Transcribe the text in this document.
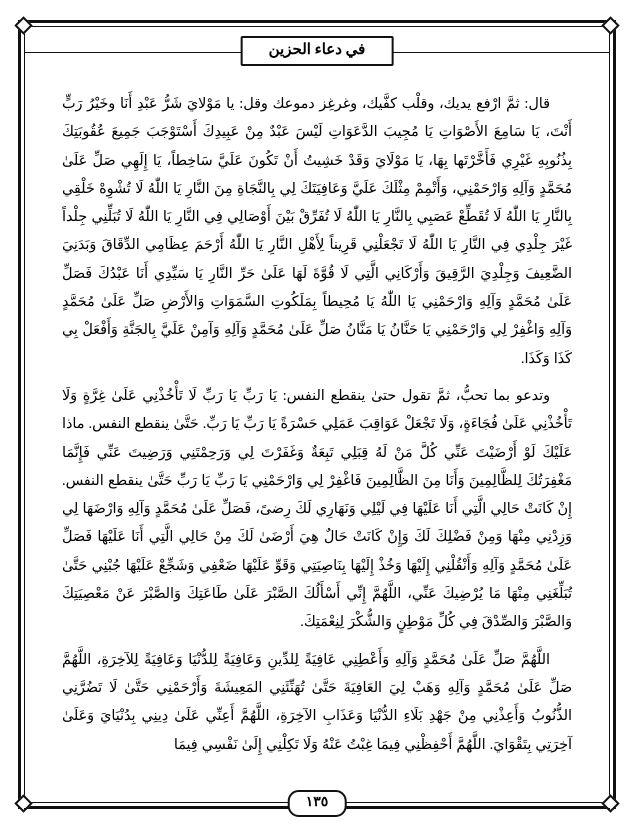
في دعاء الحزين

قال: ثمَّ ارْفع يديك، وقلْب كفَّيك، وغرغِز دموعك وقل: يا مَوْلايَ شَرُّ عَبْدِ أَنَا وخَيْرُ رَبٍّ أَنْتَ، يَا سَامِعَ الأَصْوَاتِ يَا مُجِيبَ الدَّعَوَاتِ لَيْسَ عَبْدٌ مِنْ عَبِيدِكَ أَسْتَوْجَبَ جَمِيعَ عُقُوبَتِكَ بِذُنُوبِهِ غَيْرِي فَأَخَّرْتَها بِهَا، يَا مَوْلَايَ وَقَدْ خَشِيتُ أَنْ تَكُونَ عَلَيَّ سَاخِطاً، يَا إِلَهِي صَلِّ عَلَىٰ مُحَمَّدٍ وَآلِهِ وَارْحَمْنِي، وَأَتْمِمْ مِثْلَكَ عَلَيَّ وَعَافِيَتَكَ لِي بِالنَّجَاةِ مِنَ النَّارِ يَا اللّٰهُ لَا تُشْوِهْ خَلْقِي بِالنَّارِ يَا اللّٰهُ لَا تُقَطِّعْ عَصَبِي بِالنَّارِ يَا اللّٰهُ لَا تُفَرِّقْ بَيْنَ أَوْصَالِي فِي النَّارِ يَا اللّٰهُ لَا تُبَلِّنِي جِلْداً غَيْرَ جِلْدِي فِي النَّارِ يَا اللّٰهُ لَا تَجْعَلْنِي قَرِيناً لِأَهْلِ النَّارِ يَا اللّٰهُ أَرْحَمَ عِظَامِي الدِّقَاقَ وَبَدَنِيَ الضَّعِيفَ وَجِلْدِيَ الرَّقِيقَ وَأَرْكَانِي الَّتِي لَا قُوَّةَ لَهَا عَلَىٰ حَرِّ النَّارِ يَا سَيِّدِي أَنَا عَبْدُكَ فَصَلِّ عَلَىٰ مُحَمَّدٍ وَآلِهِ وَارْحَمْنِي يَا اللّٰهُ يَا مُحِيطاً بِمَلَكُوتِ السَّمَوَاتِ وَالأَرْضِ صَلِّ عَلَىٰ مُحَمَّدٍ وَآلِهِ وَاغْفِرْ لِي وَارْحَمْنِي يَا حَنَّانُ يَا مَنَّانُ صَلِّ عَلَىٰ مُحَمَّدٍ وَآلِهِ وَآمِنْ عَلَيَّ بِالجَنَّةِ وَأَفْعَلْ بِي كَذَا وَكَذَا.

وتدعو بما تحبُّ، ثمَّ تقول حتىٰ ينقطع النفس: يَا رَبِّ يَا رَبِّ لَا تَأْخُذْنِي عَلَىٰ غِرَّةٍ وَلَا تَأْخُذْنِي عَلَىٰ فُجَاءَةٍ، وَلَا تَجْعَلْ عَوَاقِبَ عَمَلِي حَسْرَةً يَا رَبِّ يَا رَبِّ. حَتَّىٰ ينقطع النفس. ماذا عَلَيْكَ لَوْ أَرْضَيْتَ عَنِّي كُلَّ مَنْ لَهُ قِبَلِي تَبِعَةٌ وَغَفَرْتَ لِي وَرَحِمْتَنِي وَرَضِيتَ عَنِّي فَإِنَّمَا مَغْفِرَتُكَ لِلظَّالِمِينَ وَأَنَا مِنَ الظَّالِمِينَ فَاغْفِرْ لِي وَارْحَمْنِي يَا رَبِّ يَا رَبِّ حَتَّىٰ ينقطع النفس. إِنْ كَانَتْ حَالِي الَّتِي أَنَا عَلَيْهَا فِي لَيْلِي وَنَهَارِي لَكَ رِضىً، فَصَلِّ عَلَىٰ مُحَمَّدٍ وَآلِهِ وَارْضَهَا لِي وَزِدْنِي مِنْهَا وَمِنْ فَضْلِكَ لَكَ وَإِنْ كَانَتْ حَالٌ هِيَ أَرْضَىٰ لَكَ مِنْ حَالِي الَّتِي أَنَا عَلَيْهَا فَصَلِّ عَلَىٰ مُحَمَّدٍ وَآلِهِ وَأَنْقُلْنِي إِلَيْهَا وَخُذْ إِلَيْهَا بِنَاصِيَتِي وَقَوِّ عَلَيْهَا ضَعْفِي وَشَجِّعْ عَلَيْهَا جُبْنِي حَتَّىٰ تُبَلِّغَنِي مِنْهَا مَا يُرْضِيكَ عَنِّي، اللَّهُمَّ إِنِّي أَسْأَلُكَ الصَّبْرَ عَلَىٰ طَاعَتِكَ وَالصَّبْرَ عَنْ مَعْصِيَتِكَ وَالصَّبْرَ وَالصِّدْقَ فِي كُلِّ مَوْطِنٍ وَالشُّكْرَ لِنِعْمَتِكَ.

اللَّهُمَّ صَلِّ عَلَىٰ مُحَمَّدٍ وَآلِهِ وَأَعْطِنِي عَافِيَةً لِلدِّينِ وَعَافِيَةً لِلدُّنْيَا وَعَافِيَةً لِلآخِرَةِ، اللَّهُمَّ صَلِّ عَلَىٰ مُحَمَّدٍ وَآلِهِ وَهَبْ لِيَ العَافِيَةَ حَتَّىٰ تُهَنِّئَنِي المَعِيشَةَ وَأَرْحَمْنِي حَتَّىٰ لَا تَضُرَّنِي الذُّنُوبُ وَأَعِذْنِي مِنْ جَهْدِ بَلَاءِ الدُّنْيَا وَعَذَابِ الآخِرَةِ، اللَّهُمَّ أَعِنِّي عَلَىٰ دِينِي بِدُنْيَايَ وَعَلَىٰ آخِرَتِي بِتَقْوَايَ. اللَّهُمَّ أَحْفِظْنِي فِيمَا غِبْتُ عَنْهُ وَلَا تَكِلْنِي إِلَىٰ نَفْسِي فِيمَا

١٣٥
